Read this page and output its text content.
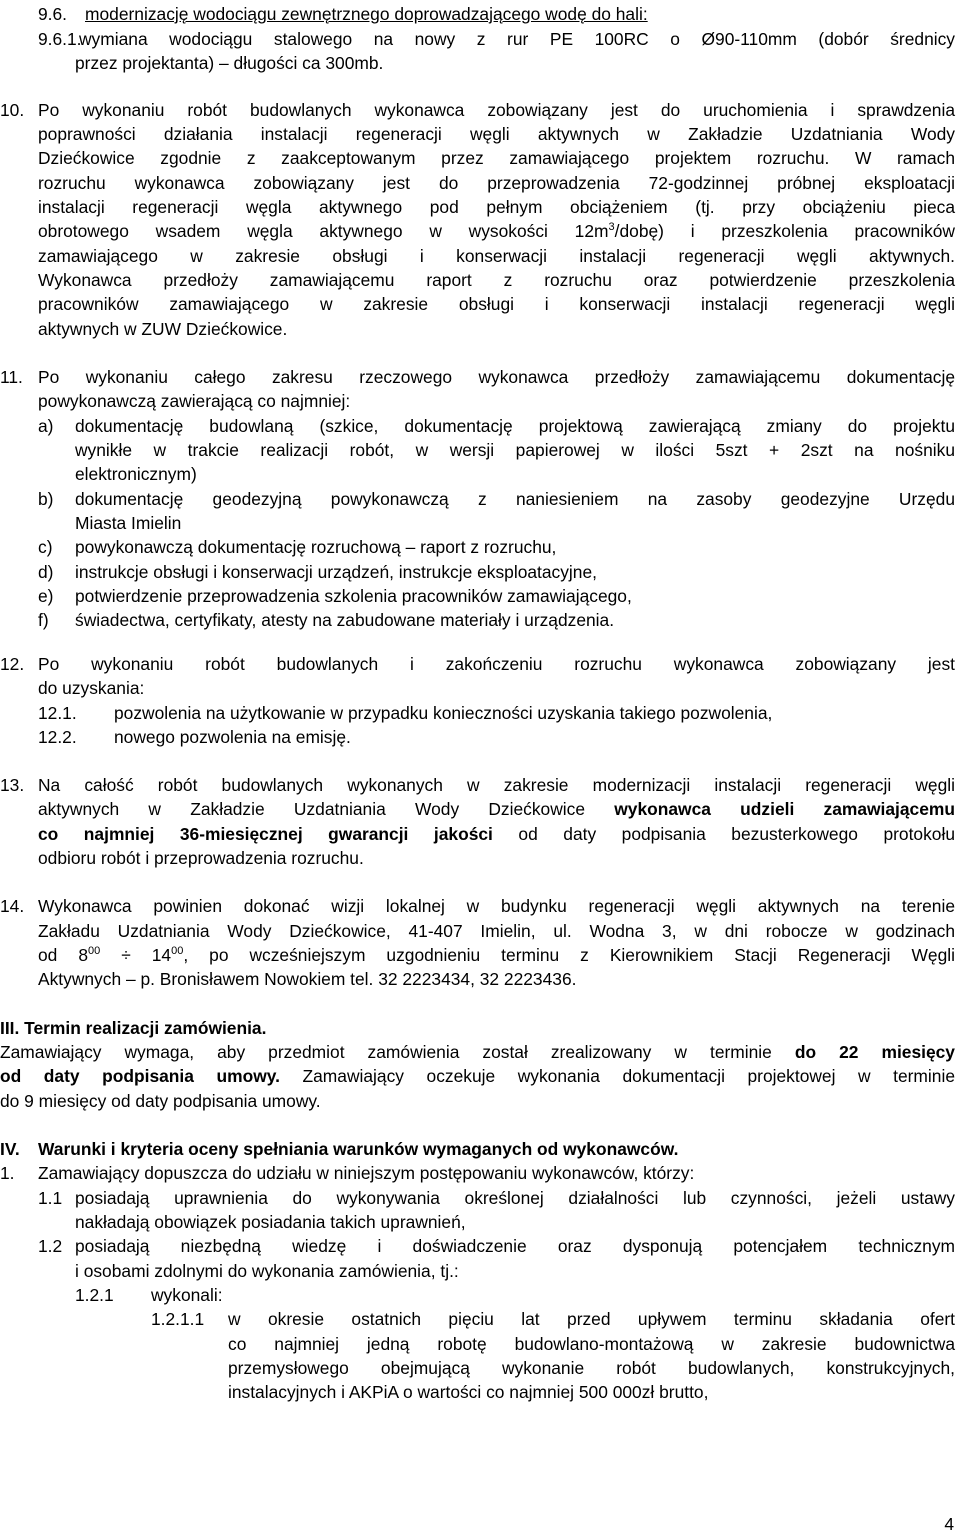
9.6. modernizację wodociągu zewnętrznego doprowadzającego wodę do hali:
9.6.1.
wymiana wodociągu stalowego na nowy z rur PE 100RC o Ø90-110mm (dobór średnicy
przez projektanta) – długości ca 300mb.
10. Po wykonaniu robót budowlanych wykonawca zobowiązany jest do uruchomienia i sprawdzenia
poprawności działania instalacji regeneracji węgli aktywnych w Zakładzie Uzdatniania Wody
Dziećkowice zgodnie z zaakceptowanym przez zamawiającego projektem rozruchu. W ramach
rozruchu wykonawca zobowiązany jest do przeprowadzenia 72-godzinnej próbnej eksploatacji
instalacji regeneracji węgla aktywnego pod pełnym obciążeniem (tj. przy obciążeniu pieca
obrotowego wsadem węgla aktywnego w wysokości $12m^3/dobę$) i przeszkolenia pracowników
zamawiającego w zakresie obsługi i konserwacji instalacji regeneracji węgli aktywnych.
Wykonawca przedłoży zamawiającemu raport z rozruchu oraz potwierdzenie przeszkolenia
pracowników zamawiającego w zakresie obsługi i konserwacji instalacji regeneracji węgli
aktywnych w ZUW Dziećkowice.
11. Po wykonaniu całego zakresu rzeczowego wykonawca przedłoży zamawiającemu dokumentację
powykonawczą zawierającą co najmniej:
a) dokumentację budowlaną (szkice, dokumentację projektową zawierającą zmiany do projektu
wynikłe w trakcie realizacji robót, w wersji papierowej w ilości 5szt + 2szt na nośniku
elektronicznym)
b) dokumentację geodezyjną powykonawczą z naniesieniem na zasoby geodezyjne Urzędu
Miasta Imielin
c) powykonawczą dokumentację rozruchową – raport z rozruchu,
d) instrukcje obsługi i konserwacji urządzeń, instrukcje eksploatacyjne,
e) potwierdzenie przeprowadzenia szkolenia pracowników zamawiającego,
f) świadectwa, certyfikaty, atesty na zabudowane materiały i urządzenia.
12. Po wykonaniu robót budowlanych i zakończeniu rozruchu wykonawca zobowiązany jest
do uzyskania:
12.1. pozwolenia na użytkowanie w przypadku konieczności uzyskania takiego pozwolenia,
12.2. nowego pozwolenia na emisję.
13. Na całość robót budowlanych wykonanych w zakresie modernizacji instalacji regeneracji węgli
aktywnych w Zakładzie Uzdatniania Wody Dziećkowice wykonawca udzieli zamawiającemu
co najmniej 36-miesięcznej gwarancji jakości od daty podpisania bezusterkowego protokołu
odbioru robót i przeprowadzenia rozruchu.
14. Wykonawca powinien dokonać wizji lokalnej w budynku regeneracji węgli aktywnych na terenie
Zakładu Uzdatniania Wody Dziećkowice, 41-407 Imielin, ul. Wodna 3, w dni robocze w godzinach
od $8^{00} \div 14^{00}$, po wcześniejszym uzgodnieniu terminu z Kierownikiem Stacji Regeneracji Węgli
Aktywnych – p. Bronisławem Nowokiem tel. 32 2223434, 32 2223436.
III. Termin realizacji zamówienia.
Zamawiający wymaga, aby przedmiot zamówienia został zrealizowany w terminie do 22 miesięcy
od daty podpisania umowy. Zamawiający oczekuje wykonania dokumentacji projektowej w terminie
do 9 miesięcy od daty podpisania umowy.
IV. Warunki i kryteria oceny spełniania warunków wymaganych od wykonawców.
1. Zamawiający dopuszcza do udziału w niniejszym postępowaniu wykonawców, którzy:
1.1 posiadają uprawnienia do wykonywania określonej działalności lub czynności, jeżeli ustawy
nakładają obowiązek posiadania takich uprawnień,
1.2 posiadają niezbędną wiedzę i doświadczenie oraz dysponują potencjałem technicznym
i osobami zdolnymi do wykonania zamówienia, tj.:
1.2.1 wykonali:
1.2.1.1 w okresie ostatnich pięciu lat przed upływem terminu składania ofert
co najmniej jedną robotę budowlano-montażową w zakresie budownictwa
przemysłowego obejmującą wykonanie robót budowlanych, konstrukcyjnych,
instalacyjnych i AKPiA o wartości co najmniej 500 000zł brutto,
4
